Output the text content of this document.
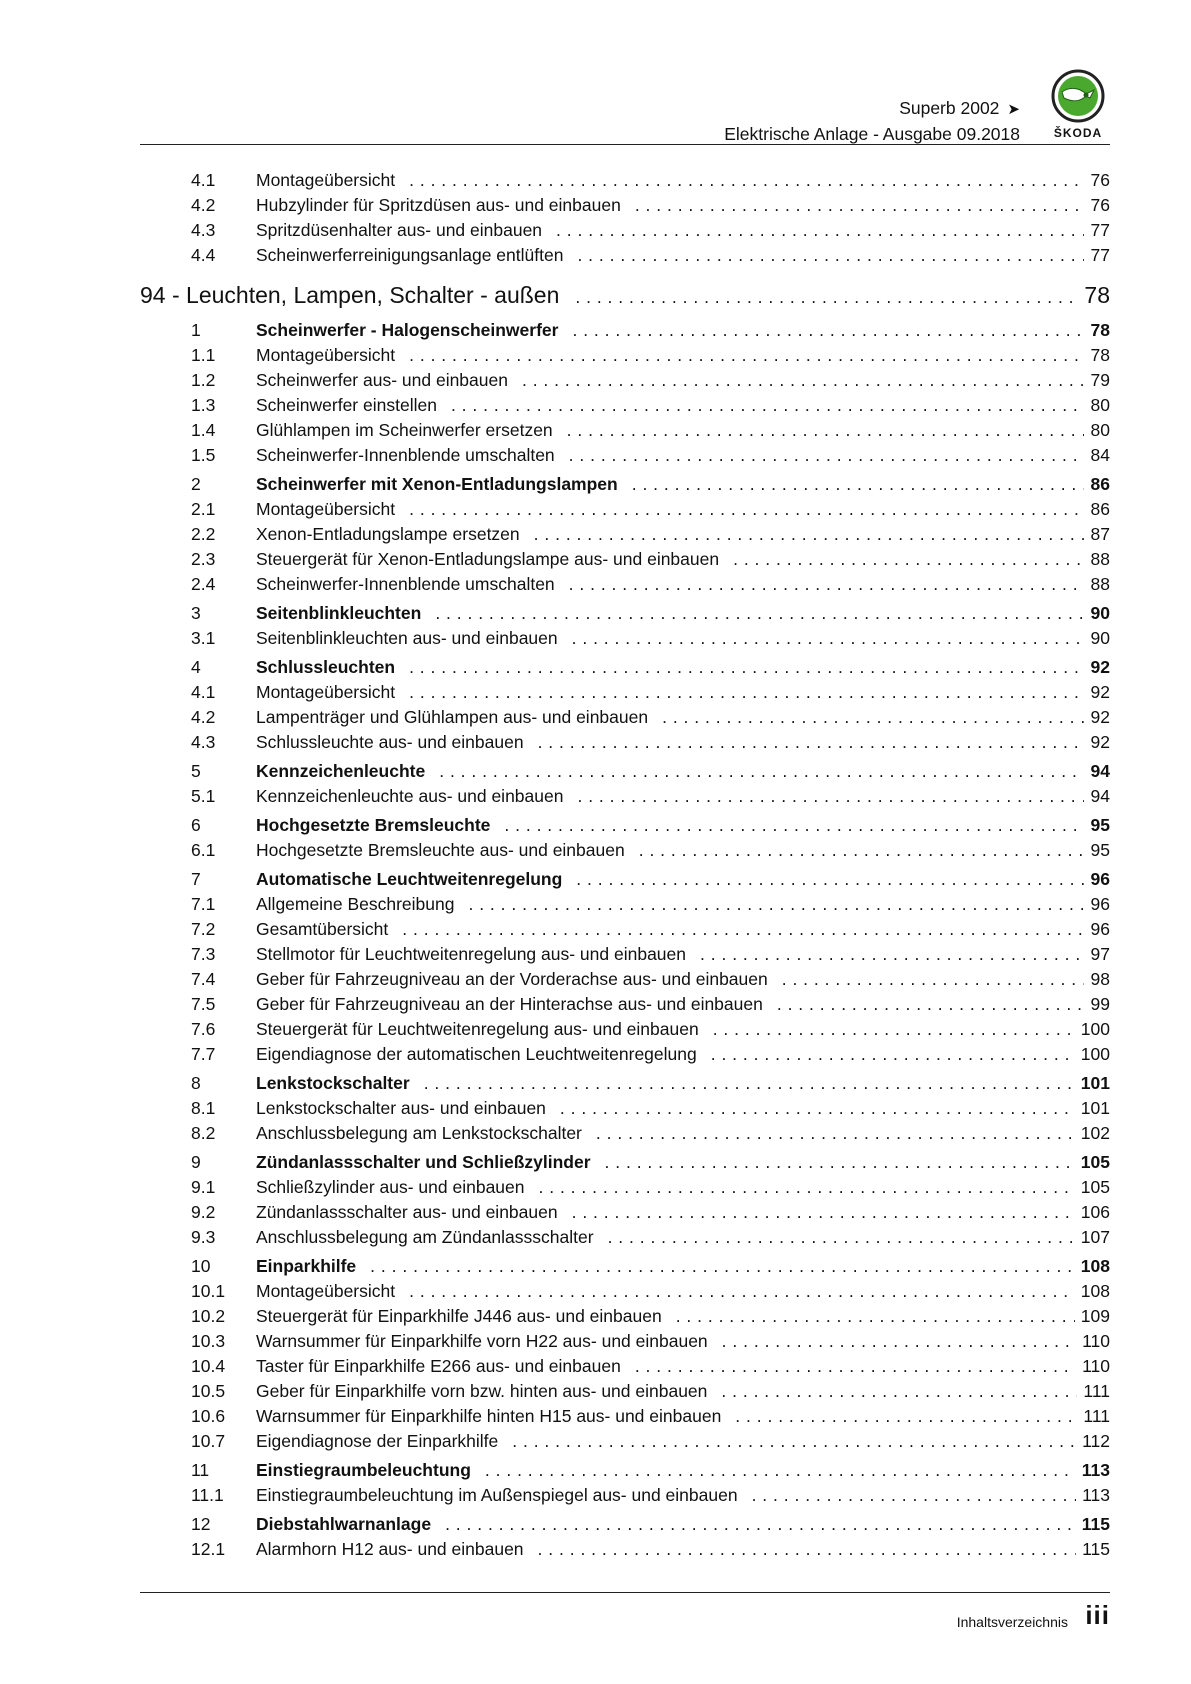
Superb 2002 ➤
Elektrische Anlage - Ausgabe 09.2018	ŠKODA
4.1 Montageübersicht . . .	76
4.2 Hubzylinder für Spritzdüsen aus- und einbauen . . .	76
4.3 Spritzdüsenhalter aus- und einbauen . . .	77
4.4 Scheinwerferreinigungsanlage entlüften . . .	77
94 - Leuchten, Lampen, Schalter - außen . . .	78
1	Scheinwerfer - Halogenscheinwerfer . . .	78
1.1 Montageübersicht . . .	78
1.2 Scheinwerfer aus- und einbauen . . .	79
1.3 Scheinwerfer einstellen . . .	80
1.4 Glühlampen im Scheinwerfer ersetzen . . .	80
1.5 Scheinwerfer-Innenblende umschalten . . .	84
2	Scheinwerfer mit Xenon-Entladungslampen . . .	86
2.1 Montageübersicht . . .	86
2.2 Xenon-Entladungslampe ersetzen . . .	87
2.3 Steuergerät für Xenon-Entladungslampe aus- und einbauen . . .	88
2.4 Scheinwerfer-Innenblende umschalten . . .	88
3	Seitenblinkleuchten . . .	90
3.1 Seitenblinkleuchten aus- und einbauen . . .	90
4	Schlussleuchten . . .	92
4.1 Montageübersicht . . .	92
4.2 Lampenträger und Glühlampen aus- und einbauen . . .	92
4.3 Schlussleuchte aus- und einbauen . . .	92
5	Kennzeichenleuchte . . .	94
5.1 Kennzeichenleuchte aus- und einbauen . . .	94
6	Hochgesetzte Bremsleuchte . . .	95
6.1 Hochgesetzte Bremsleuchte aus- und einbauen . . .	95
7	Automatische Leuchtweitenregelung . . .	96
7.1 Allgemeine Beschreibung . . .	96
7.2 Gesamtübersicht . . .	96
7.3 Stellmotor für Leuchtweitenregelung aus- und einbauen . . .	97
7.4 Geber für Fahrzeugniveau an der Vorderachse aus- und einbauen . . .	98
7.5 Geber für Fahrzeugniveau an der Hinterachse aus- und einbauen . . .	99
7.6 Steuergerät für Leuchtweitenregelung aus- und einbauen . . .	100
7.7 Eigendiagnose der automatischen Leuchtweitenregelung . . .	100
8	Lenkstockschalter . . .	101
8.1 Lenkstockschalter aus- und einbauen . . .	101
8.2 Anschlussbelegung am Lenkstockschalter . . .	102
9	Zündanlassschalter und Schließzylinder . . .	105
9.1 Schließzylinder aus- und einbauen . . .	105
9.2 Zündanlassschalter aus- und einbauen . . .	106
9.3 Anschlussbelegung am Zündanlassschalter . . .	107
10	Einparkhilfe . . .	108
10.1 Montageübersicht . . .	108
10.2 Steuergerät für Einparkhilfe J446 aus- und einbauen . . .	109
10.3 Warnsummer für Einparkhilfe vorn H22 aus- und einbauen . . .	110
10.4 Taster für Einparkhilfe E266 aus- und einbauen . . .	110
10.5 Geber für Einparkhilfe vorn bzw. hinten aus- und einbauen . . .	111
10.6 Warnsummer für Einparkhilfe hinten H15 aus- und einbauen . . .	111
10.7 Eigendiagnose der Einparkhilfe . . .	112
11	Einstiegraumbeleuchtung . . .	113
11.1 Einstiegraumbeleuchtung im Außenspiegel aus- und einbauen . . .	113
12	Diebstahlwarnanlage . . .	115
12.1 Alarmhorn H12 aus- und einbauen . . .	115
Inhaltsverzeichnis iii
